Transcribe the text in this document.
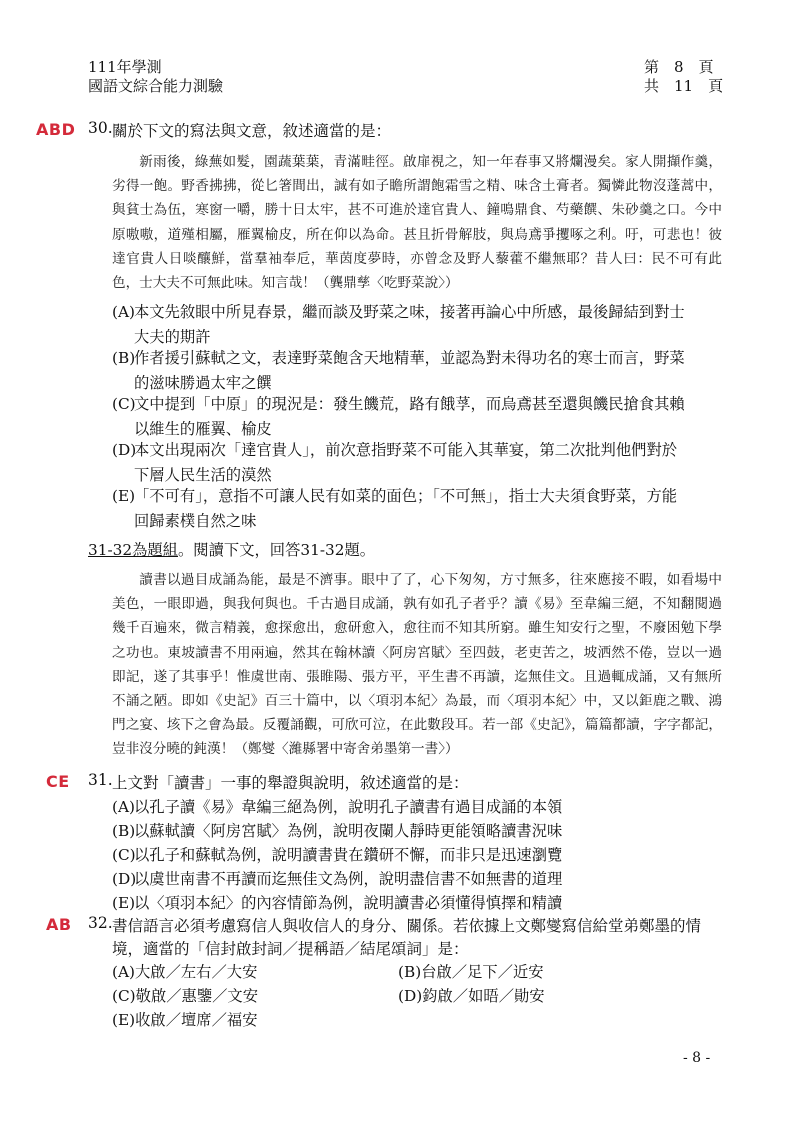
111年學測
國語文綜合能力測驗
第　8　頁
共　11　頁
ABD
CE
AB
30. 關於下文的寫法與文意，敘述適當的是：

新雨後，綠蕪如髮，園蔬葉葉，青滿畦徑。啟扉視之，知一年春事又將爛漫矣。家人開擷作羹，劣得一飽。野香拂拂，從匕箸間出，誠有如子瞻所謂飽霜雪之精、味含土膏者。獨憐此物沒蓬蒿中，與貧士為伍，寒窗一嚼，勝十日太牢，甚不可進於達官貴人、鐘鳴鼎食、芍藥饌、朱砂羹之口。今中原嗷嗷，道殣相屬，雁翼榆皮，所在仰以為命。甚且折骨解肢，與烏鳶爭攫啄之利。吁，可悲也！彼達官貴人日啖釀鮮，當羣袖奉卮，華茵度夢時，亦曾念及野人藜藿不繼無耶？昔人曰：民不可有此色，士大夫不可無此味。知言哉！（龔鼎孳〈吃野菜說〉）

(A)本文先敘眼中所見春景，繼而談及野菜之味，接著再論心中所感，最後歸結到對士
大夫的期許
(B)作者援引蘇軾之文，表達野菜飽含天地精華，並認為對未得功名的寒士而言，野菜
的滋味勝過太牢之饌
(C)文中提到「中原」的現況是：發生饑荒，路有餓莩，而烏鳶甚至還與饑民搶食其賴
以維生的雁翼、榆皮
(D)本文出現兩次「達官貴人」，前次意指野菜不可能入其華宴，第二次批判他們對於
下層人民生活的漠然
(E)「不可有」，意指不可讓人民有如菜的面色；「不可無」，指士大夫須食野菜，方能
回歸素樸自然之味
31-32為題組。閱讀下文，回答31-32題。

讀書以過目成誦為能，最是不濟事。眼中了了，心下匆匆，方寸無多，往來應接不暇，如看場中美色，一眼即過，與我何與也。千古過目成誦，孰有如孔子者乎？讀《易》至韋編三絕，不知翻閱過幾千百遍來，微言精義，愈探愈出，愈研愈入，愈往而不知其所窮。雖生知安行之聖，不廢困勉下學之功也。東坡讀書不用兩遍，然其在翰林讀〈阿房宮賦〉至四鼓，老吏苦之，坡洒然不倦，豈以一過即記，遂了其事乎！惟虞世南、張睢陽、張方平，平生書不再讀，迄無佳文。且過輒成誦，又有無所不誦之陋。即如《史記》百三十篇中，以〈項羽本紀〉為最，而〈項羽本紀〉中，又以鉅鹿之戰、鴻門之宴、垓下之會為最。反覆誦觀，可欣可泣，在此數段耳。若一部《史記》，篇篇都讀，字字都記，豈非沒分曉的鈍漢！（鄭燮〈濰縣署中寄舍弟墨第一書〉）

31. 上文對「讀書」一事的舉證與說明，敘述適當的是：
(A)以孔子讀《易》韋編三絕為例，說明孔子讀書有過目成誦的本領
(B)以蘇軾讀〈阿房宮賦〉為例，說明夜闌人靜時更能領略讀書況味
(C)以孔子和蘇軾為例，說明讀書貴在鑽研不懈，而非只是迅速瀏覽
(D)以虞世南書不再讀而迄無佳文為例，說明盡信書不如無書的道理
(E)以〈項羽本紀〉的內容情節為例，說明讀書必須懂得慎擇和精讀
32. 書信語言必須考慮寫信人與收信人的身分、關係。若依據上文鄭燮寫信給堂弟鄭墨的情
境，適當的「信封啟封詞／提稱語／結尾頌詞」是：
(A)大啟／左右／大安	(B)台啟／足下／近安
(C)敬啟／惠鑒／文安	(D)鈞啟／如晤／勛安
(E)收啟／壇席／福安
- 8 -
